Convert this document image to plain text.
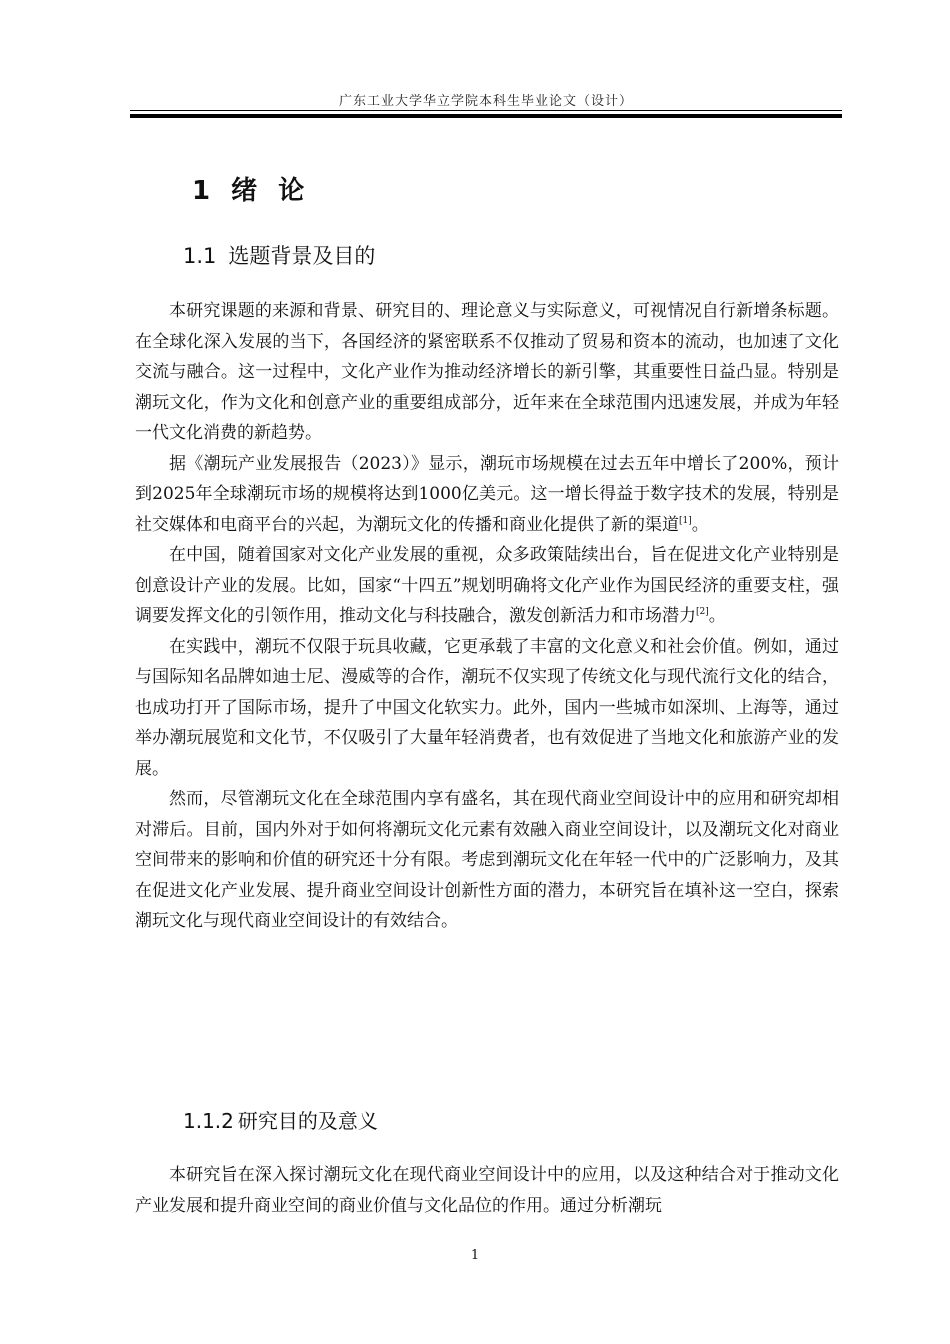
广东工业大学华立学院本科生毕业论文（设计）
1 绪 论
1.1 选题背景及目的

本研究课题的来源和背景、研究目的、理论意义与实际意义，可视情况自行新增条标题。在全球化深入发展的当下，各国经济的紧密联系不仅推动了贸易和资本的流动，也加速了文化交流与融合。这一过程中，文化产业作为推动经济增长的新引擎，其重要性日益凸显。特别是潮玩文化，作为文化和创意产业的重要组成部分，近年来在全球范围内迅速发展，并成为年轻一代文化消费的新趋势。

据《潮玩产业发展报告（2023）》显示，潮玩市场规模在过去五年中增长了200%，预计到2025年全球潮玩市场的规模将达到1000亿美元。这一增长得益于数字技术的发展，特别是社交媒体和电商平台的兴起，为潮玩文化的传播和商业化提供了新的渠道[1]。

在中国，随着国家对文化产业发展的重视，众多政策陆续出台，旨在促进文化产业特别是创意设计产业的发展。比如，国家“十四五”规划明确将文化产业作为国民经济的重要支柱，强调要发挥文化的引领作用，推动文化与科技融合，激发创新活力和市场潜力[2]。

在实践中，潮玩不仅限于玩具收藏，它更承载了丰富的文化意义和社会价值。例如，通过与国际知名品牌如迪士尼、漫威等的合作，潮玩不仅实现了传统文化与现代流行文化的结合，也成功打开了国际市场，提升了中国文化软实力。此外，国内一些城市如深圳、上海等，通过举办潮玩展览和文化节，不仅吸引了大量年轻消费者，也有效促进了当地文化和旅游产业的发展。

然而，尽管潮玩文化在全球范围内享有盛名，其在现代商业空间设计中的应用和研究却相对滞后。目前，国内外对于如何将潮玩文化元素有效融入商业空间设计，以及潮玩文化对商业空间带来的影响和价值的研究还十分有限。考虑到潮玩文化在年轻一代中的广泛影响力，及其在促进文化产业发展、提升商业空间设计创新性方面的潜力，本研究旨在填补这一空白，探索潮玩文化与现代商业空间设计的有效结合。

1.1.2 研究目的及意义

本研究旨在深入探讨潮玩文化在现代商业空间设计中的应用，以及这种结合对于推动文化产业发展和提升商业空间的商业价值与文化品位的作用。通过分析潮玩

1
